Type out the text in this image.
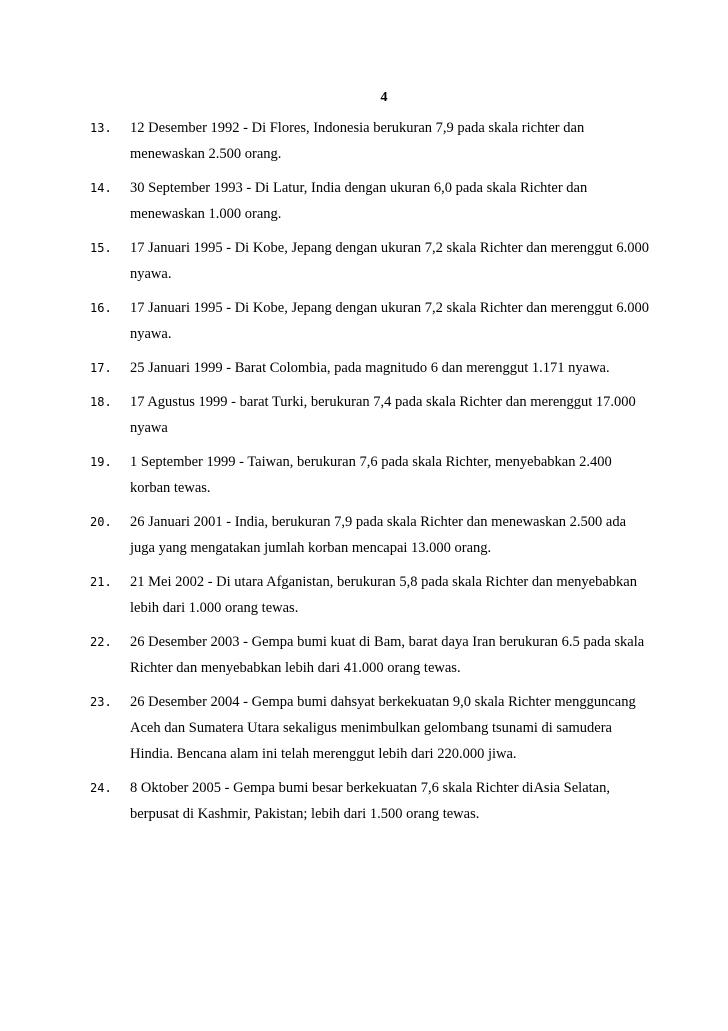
4
13.	12 Desember 1992 - Di Flores, Indonesia berukuran 7,9 pada skala richter dan menewaskan 2.500 orang.

14.	30 September 1993 - Di Latur, India dengan ukuran 6,0 pada skala Richter dan menewaskan 1.000 orang.

15.	17 Januari 1995 - Di Kobe, Jepang dengan ukuran 7,2 skala Richter dan merenggut 6.000 nyawa.

16.	17 Januari 1995 - Di Kobe, Jepang dengan ukuran 7,2 skala Richter dan merenggut 6.000 nyawa.

17.	25 Januari 1999 - Barat Colombia, pada magnitudo 6 dan merenggut 1.171 nyawa.

18.	17 Agustus 1999 - barat Turki, berukuran 7,4 pada skala Richter dan merenggut 17.000 nyawa

19.	1 September 1999 - Taiwan, berukuran 7,6 pada skala Richter, menyebabkan 2.400 korban tewas.

20.	26 Januari 2001 - India, berukuran 7,9 pada skala Richter dan menewaskan 2.500 ada juga yang mengatakan jumlah korban mencapai 13.000 orang.

21.	21 Mei 2002 - Di utara Afganistan, berukuran 5,8 pada skala Richter dan menyebabkan lebih dari 1.000 orang tewas.

22.	26 Desember 2003 - Gempa bumi kuat di Bam, barat daya Iran berukuran 6.5 pada skala Richter dan menyebabkan lebih dari 41.000 orang tewas.

23.	26 Desember 2004 - Gempa bumi dahsyat berkekuatan 9,0 skala Richter mengguncang Aceh dan Sumatera Utara sekaligus menimbulkan gelombang tsunami di samudera Hindia. Bencana alam ini telah merenggut lebih dari 220.000 jiwa.

24.	8 Oktober 2005 - Gempa bumi besar berkekuatan 7,6 skala Richter diAsia Selatan, berpusat di Kashmir, Pakistan; lebih dari 1.500 orang tewas.
